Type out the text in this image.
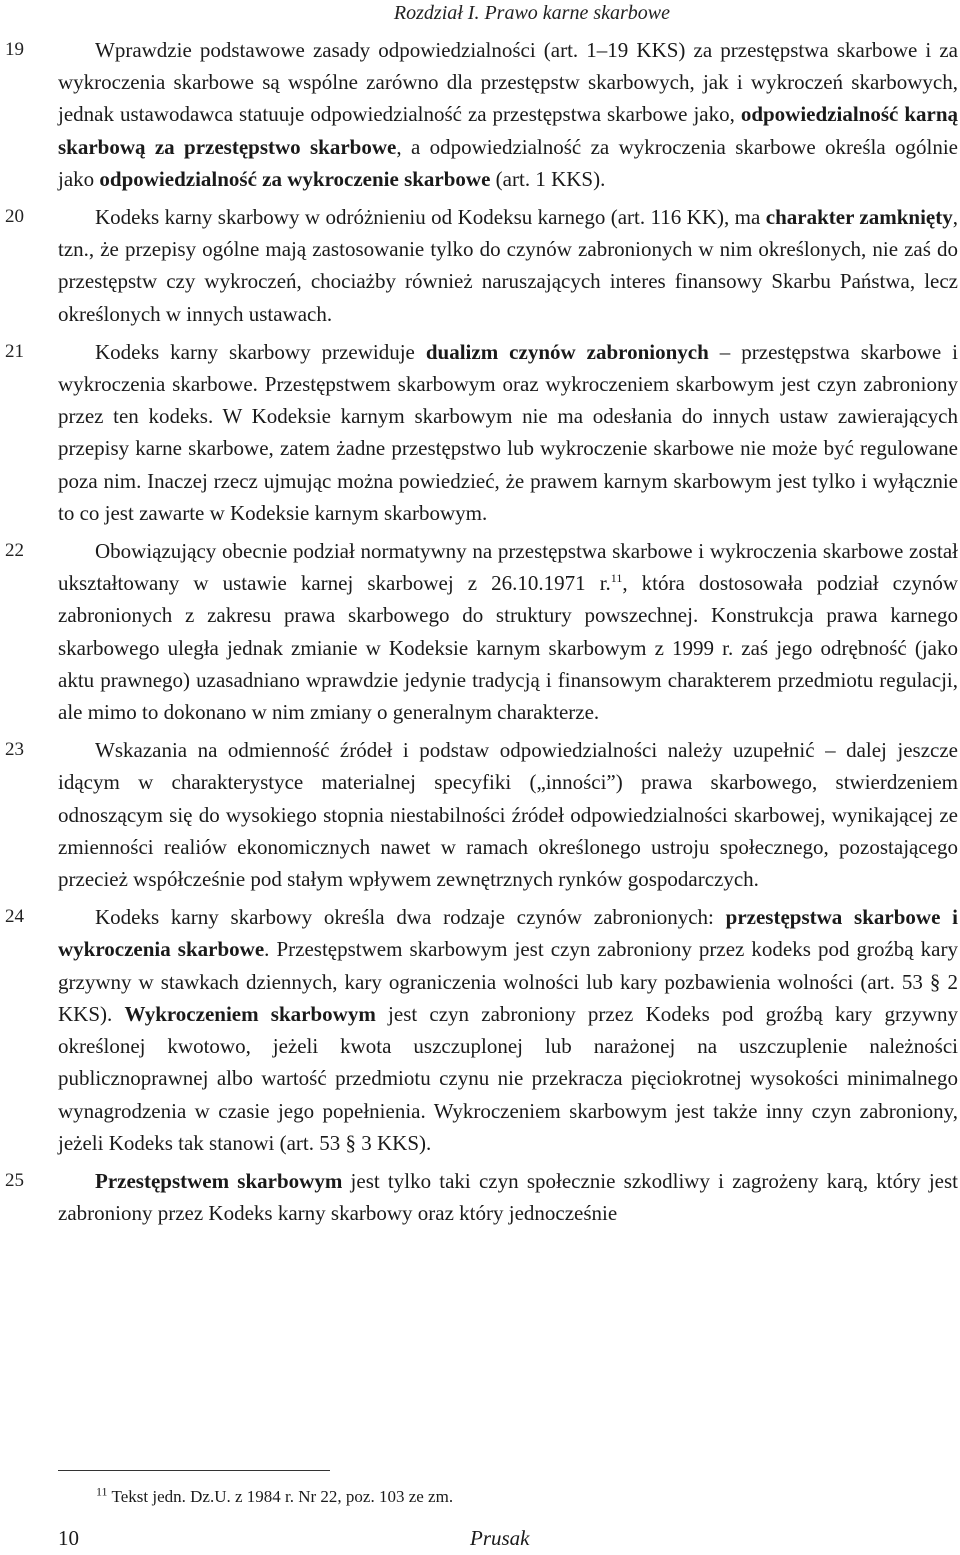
Rozdział I. Prawo karne skarbowe

19	Wprawdzie podstawowe zasady odpowiedzialności (art. 1–19 KKS) za przestępstwa skarbowe i za wykroczenia skarbowe są wspólne zarówno dla przestępstw skarbowych, jak i wykroczeń skarbowych, jednak ustawodawca statuuje odpowiedzialność za przestępstwa skarbowe jako, odpowiedzialność karną skarbową za przestępstwo skarbowe, a odpowiedzialność za wykroczenia skarbowe określa ogólnie jako odpowiedzialność za wykroczenie skarbowe (art. 1 KKS).

20	Kodeks karny skarbowy w odróżnieniu od Kodeksu karnego (art. 116 KK), ma charakter zamknięty, tzn., że przepisy ogólne mają zastosowanie tylko do czynów zabronionych w nim określonych, nie zaś do przestępstw czy wykroczeń, chociażby również naruszających interes finansowy Skarbu Państwa, lecz określonych w innych ustawach.

21	Kodeks karny skarbowy przewiduje dualizm czynów zabronionych – przestępstwa skarbowe i wykroczenia skarbowe. Przestępstwem skarbowym oraz wykroczeniem skarbowym jest czyn zabroniony przez ten kodeks. W Kodeksie karnym skarbowym nie ma odesłania do innych ustaw zawierających przepisy karne skarbowe, zatem żadne przestępstwo lub wykroczenie skarbowe nie może być regulowane poza nim. Inaczej rzecz ujmując można powiedzieć, że prawem karnym skarbowym jest tylko i wyłącznie to co jest zawarte w Kodeksie karnym skarbowym.

22	Obowiązujący obecnie podział normatywny na przestępstwa skarbowe i wykroczenia skarbowe został ukształtowany w ustawie karnej skarbowej z 26.10.1971 r.$^{11}$, która dostosowała podział czynów zabronionych z zakresu prawa skarbowego do struktury powszechnej. Konstrukcja prawa karnego skarbowego uległa jednak zmianie w Kodeksie karnym skarbowym z 1999 r. zaś jego odrębność (jako aktu prawnego) uzasadniano wprawdzie jedynie tradycją i finansowym charakterem przedmiotu regulacji, ale mimo to dokonano w nim zmiany o generalnym charakterze.

23	Wskazania na odmienność źródeł i podstaw odpowiedzialności należy uzupełnić – dalej jeszcze idącym w charakterystyce materialnej specyfiki („inności”) prawa skarbowego, stwierdzeniem odnoszącym się do wysokiego stopnia niestabilności źródeł odpowiedzialności skarbowej, wynikającej ze zmienności realiów ekonomicznych nawet w ramach określonego ustroju społecznego, pozostającego przecież współcześnie pod stałym wpływem zewnętrznych rynków gospodarczych.

24	Kodeks karny skarbowy określa dwa rodzaje czynów zabronionych: przestępstwa skarbowe i wykroczenia skarbowe. Przestępstwem skarbowym jest czyn zabroniony przez kodeks pod groźbą kary grzywny w stawkach dziennych, kary ograniczenia wolności lub kary pozbawienia wolności (art. 53 § 2 KKS). Wykroczeniem skarbowym jest czyn zabroniony przez Kodeks pod groźbą kary grzywny określonej kwotowo, jeżeli kwota uszczuplonej lub narażonej na uszczuplenie należności publicznoprawnej albo wartość przedmiotu czynu nie przekracza pięciokrotnej wysokości minimalnego wynagrodzenia w czasie jego popełnienia. Wykroczeniem skarbowym jest także inny czyn zabroniony, jeżeli Kodeks tak stanowi (art. 53 § 3 KKS).

25	Przestępstwem skarbowym jest tylko taki czyn społecznie szkodliwy i zagrożeny karą, który jest zabroniony przez Kodeks karny skarbowy oraz który jednocześnie

$^{11}$ Tekst jedn. Dz.U. z 1984 r. Nr 22, poz. 103 ze zm.
10	Prusak
